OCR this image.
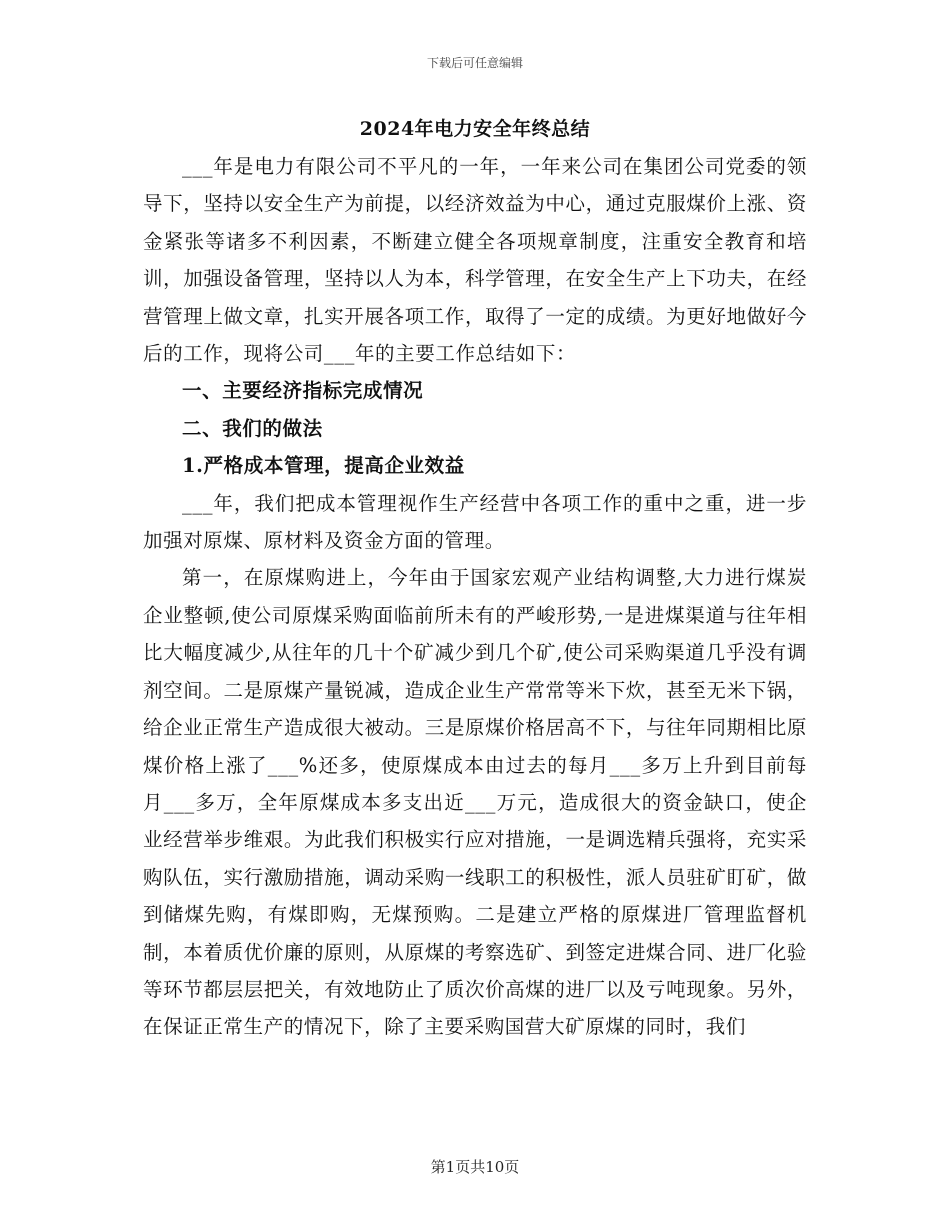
下载后可任意编辑
2024年电力安全年终总结

___年是电力有限公司不平凡的一年，一年来公司在集团公司党委的领导下，坚持以安全生产为前提，以经济效益为中心，通过克服煤价上涨、资金紧张等诸多不利因素，不断建立健全各项规章制度，注重安全教育和培训，加强设备管理，坚持以人为本，科学管理，在安全生产上下功夫，在经营管理上做文章，扎实开展各项工作，取得了一定的成绩。为更好地做好今后的工作，现将公司___年的主要工作总结如下：

一、主要经济指标完成情况

二、我们的做法

1.严格成本管理，提高企业效益

___年，我们把成本管理视作生产经营中各项工作的重中之重，进一步加强对原煤、原材料及资金方面的管理。

第一，在原煤购进上，今年由于国家宏观产业结构调整,大力进行煤炭企业整顿,使公司原煤采购面临前所未有的严峻形势,一是进煤渠道与往年相比大幅度减少,从往年的几十个矿减少到几个矿,使公司采购渠道几乎没有调剂空间。二是原煤产量锐减，造成企业生产常常等米下炊，甚至无米下锅，给企业正常生产造成很大被动。三是原煤价格居高不下，与往年同期相比原煤价格上涨了___%还多，使原煤成本由过去的每月___多万上升到目前每月___多万，全年原煤成本多支出近___万元，造成很大的资金缺口，使企业经营举步维艰。为此我们积极实行应对措施，一是调选精兵强将，充实采购队伍，实行激励措施，调动采购一线职工的积极性，派人员驻矿盯矿，做到储煤先购，有煤即购，无煤预购。二是建立严格的原煤进厂管理监督机制，本着质优价廉的原则，从原煤的考察选矿、到签定进煤合同、进厂化验等环节都层层把关，有效地防止了质次价高煤的进厂以及亏吨现象。另外，在保证正常生产的情况下，除了主要采购国营大矿原煤的同时，我们

第1页共10页
